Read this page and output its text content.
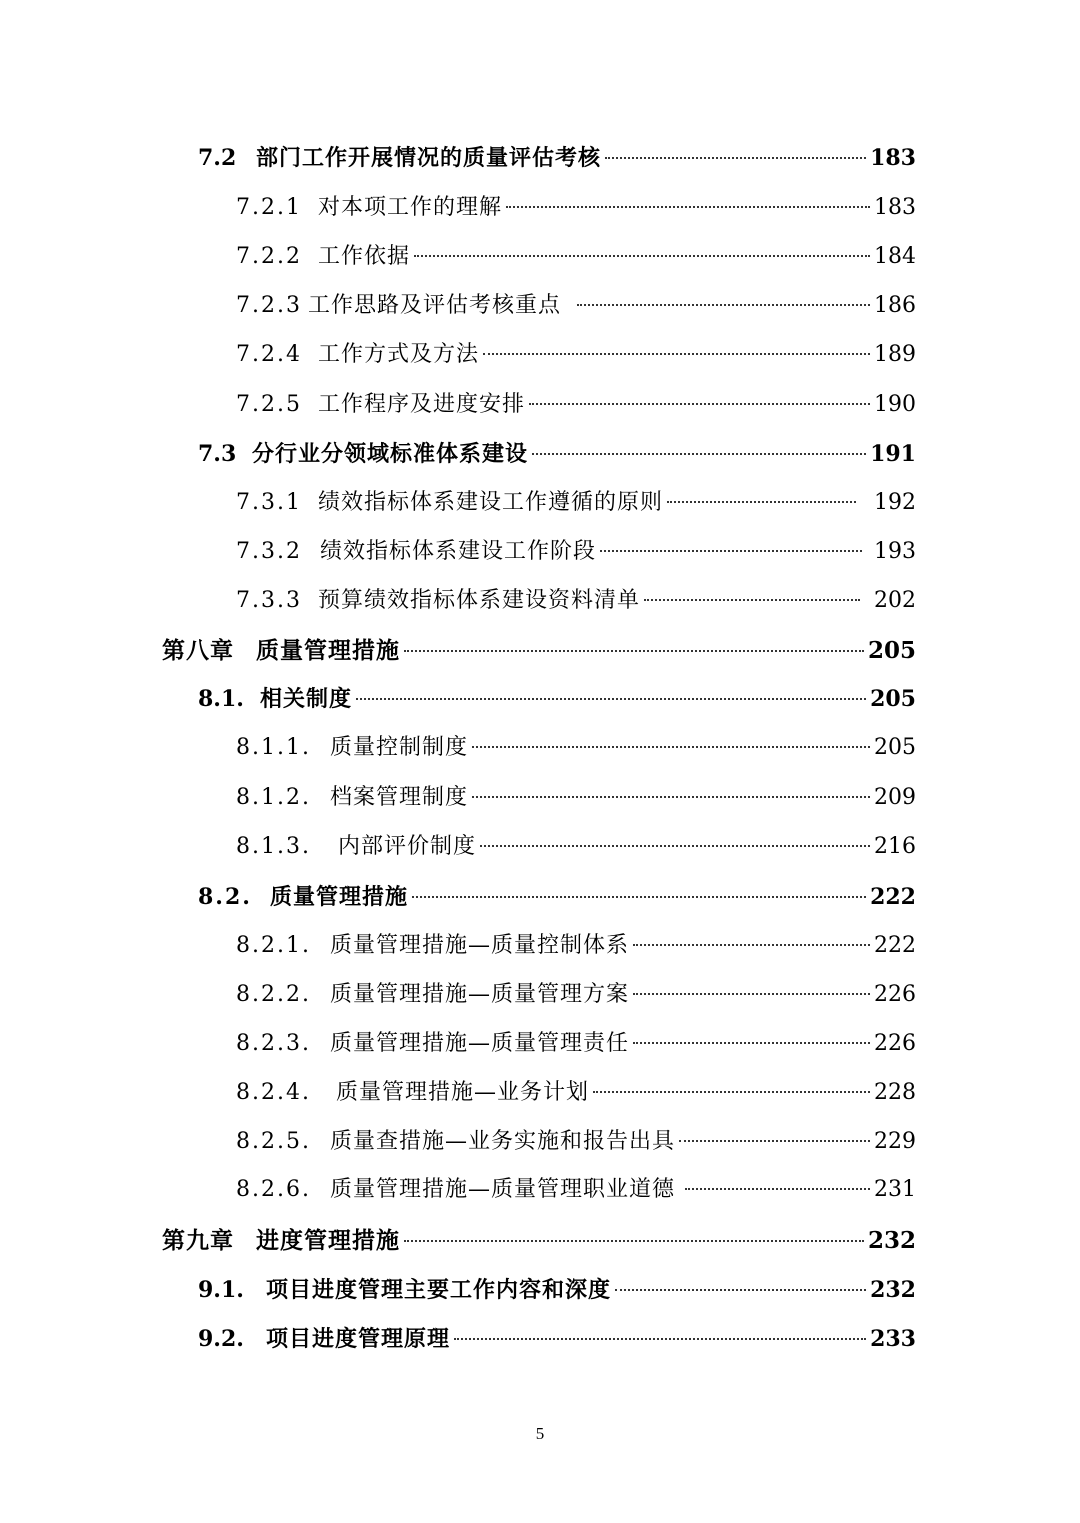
7.2 部门工作开展情况的质量评估考核	183
7.2.1 对本项工作的理解	183
7.2.2 工作依据	184
7.2.3 工作思路及评估考核重点	186
7.2.4 工作方式及方法	189
7.2.5 工作程序及进度安排	190
7.3 分行业分领域标准体系建设	191
7.3.1 绩效指标体系建设工作遵循的原则	192
7.3.2 绩效指标体系建设工作阶段	193
7.3.3 预算绩效指标体系建设资料清单	202
第八章 质量管理措施	205
8.1. 相关制度	205
8.1.1. 质量控制制度	205
8.1.2. 档案管理制度	209
8.1.3.	内部评价制度	216
8.2. 质量管理措施	222
8.2.1. 质量管理措施—质量控制体系	222
8.2.2. 质量管理措施—质量管理方案	226
8.2.3. 质量管理措施—质量管理责任	226
8.2.4.	质量管理措施—业务计划	228
8.2.5. 质量查措施—业务实施和报告出具	229
8.2.6. 质量管理措施—质量管理职业道德	231
第九章 进度管理措施	232
9.1.	项目进度管理主要工作内容和深度	232
9.2.	项目进度管理原理	233
5
